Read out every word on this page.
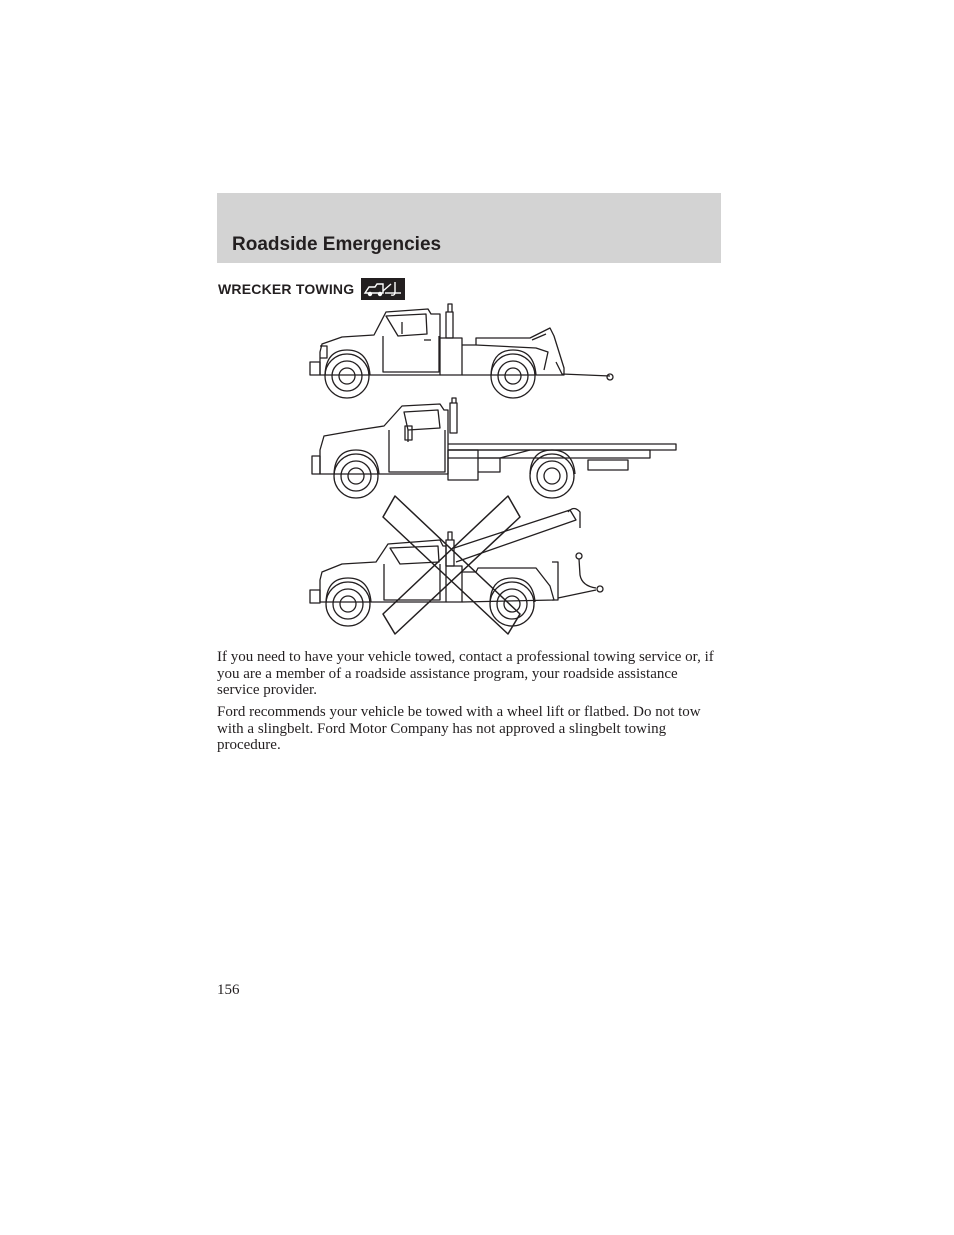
Roadside Emergencies
WRECKER TOWING

If you need to have your vehicle towed, contact a professional towing service or, if you are a member of a roadside assistance program, your roadside assistance service provider.

Ford recommends your vehicle be towed with a wheel lift or flatbed. Do not tow with a slingbelt. Ford Motor Company has not approved a slingbelt towing procedure.

156
